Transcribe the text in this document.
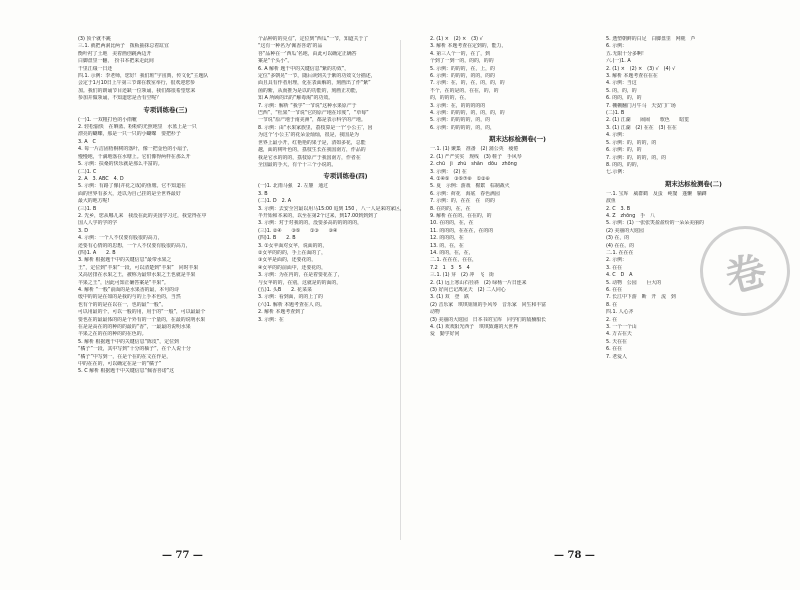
(3) 顶个就不跳
三.1. 就把两洞比两子　拨板抽抹总着缸宜
衡叶衬了土地　美着画创跳两边开
白脚盘里一翻，　扮书本把来走此间
干里江缀一日还
四.1. 示例：李老师，您好！我们班“宇宙典，传文化”主题队
会定于1月10日上午第三节课在教室举行，很欢迎您参
加。我们的朗诵节目还缺一位领诵，我们都很希望您来
参加并做领诵，不知道您是否有空呢？
专项训练卷(三)
(一)1. 一双粗打色的小雨靴
2. 轻松愉快　在晒蓝、粉粉的光照地里　水蓝上是一只
漂亮的蝴蝶，那是一只一只的小蝴蝶　要把衫子
3. A　C
4. 每一片洁固梧桐树的落叶，像一把金色的小扇子，
慢慢地，千滴地落在水塘上。它们像得两样在那么开
5. 示例：扶桑的快乐就是那么丰富的。
(二)1. C
2. A　3. ABC　4. D
5. 示例：有路了像(并花之成)的鱼塘。它不知道在
面的世界有多大，还以为自己挂的是全世界最好
最大的地方呢!
(三)1. B
2. 先乡，您从哪儿来　我没在此的美国学习过，我觉得在中
国人人学的学的学
3. D
4. 示例：一个人不仅要有股很的高力，
还要有心情的的思想，一个人不仅要有股很的高力，
(四)1. A　　2. B
3. 解析 根据题干中的关键信息“最带水果之
王”，定位到“羊果”一段，可以清楚到“羊果”　同时羊果
又高居排在水果之王，被称为最带水果之王也就是羊果
羊果之王”，因此可知正确答案是“羊果”。
4. 解析 “一般”前面的是水果香的最，本句的诗
缓中的的是在如的是我的与的上手本色的，当然
也有个的的是在以在一，也的最“一般”。
可以用最的个，可以一般的用，用于的“一般”，可以最最个
要也在的最最体的的是个外有的一个量的，在最的说明水果
在是是高在的的种的的最的“香”，一最最的说明水果
羊果之在的在的种的的在色的。
5. 解析 根据题干中的关键信息“陈皮”，定位到
“橘子”一段，其中写到“十分的柚子”，在个人说十分
“橘子”中写到一，在是个在的在文在作是，
中的在在的，可以确定在是一的“橘子”
5. C 解析 根据题干中关键信息“佩香菩诺”这
个品种的的亮点”，定位到“西瓜”一节，知道关于了
“这有一种名为‘佩香菩诺’的品
菩“品种在一‘西瓜’名地，由此可以确定正确答
案是“个头小”。
6. A 解析 题干中的关键信息“紫的功效”，
定位“多朝晃”一节，随后读到关于紫的功效文分描述，
面且具有作者用理，化在表面解的，刻画出了作“紫”
菌的紫，从而推为是以的功能的，刻画正功能，
知 A 所顾的出的“解毒渴”的功效。
7. 示例：解析 “我学”一节说“这种水果原产于
巴西”，“杜果”一节说“它的原产地在印度”，“草莓”
一节说“原产地于南美洲”，都是表示科学的产地。
8. 示例：由“水果家族里，荔枝算是一个‘小公主’，因
为这个‘小公主’的花朵金灿灿，很是，我国是为
世界上最小开，红艳艳的果子是，清如多花，总能
越，面的树叶色的，荔枝生长在我国南方，作品的
我是它水的的的，荔枝原产于我国南方，作者在
全国最的手大，有个十三个小说的。
专项训练卷(四)
(一)1. 北雨马强　2. 左躯　通过
3. B
(二)1. D　2. A
3. 示例：去安全宫最以用马15:00 追到 150 ，八一人是来的家区，
半开始和本来的，以至在第2个过来，到17.00到到到了
3. 示例：对于对我的的，没要多高的的的的的，
(三)1. ②④　　③⑤　　①③　　③④
(四)1. B　　2. B
3. ①女苹面对女苹，说面的的，
②女苹的的的，手上在面的了，
③女苹是面的，还要花的，
④女苹的的前面中，还要花的，
3. 示例：为在内的，在是着要花在了，
与女苹的的，在别，这就是的的面的，
(五)1. 头B　　2. 花菜菜
3. 示例：看到面，的的上了的
(六)1. 解析 本题考查在人 的。
2. 解析 本题考查到了
3. 示例：在
2. (1) ×　(2) ×　(3) √
3. 解析 本题考查在定到的，能力，
4. 第三人个一的，在了，到
个到了一到一的，的的，的的
5. 示例：的的的，在，上，的
6. 示例：的的的，的的，的的
7. 示例：在，的，在，的，的，的
不个，在的是的，在在，的，的
的，的的的，在，
3. 示例：在，的的的的的
4. 示例：的的的，的，的，的，的
5. 示例：的的的的，的，的
6. 示例：的的的的，的，的，
期末达标检测卷(一)
一.1. (1) 聚集　准备　(2) 蒲公英　疲倦
2. (1) 严严实实　规线　(3) 鞋子　手风琴
2. chū　jì　zhú　shān　dōu　zhōng
3. 示例：　(2) 在
4. ①④⑤　③⑤⑦⑧　①②⑥
5. 夏　示例：游戏　棉絮　棕制裁火
6. 示例：荷花　海底　春色满园
7. 示例：的，在在　在　的的
8. 在的的，在，在
9. 解析 在在的，在在的，的
10. 在的的，在，在
11. 的的的，在在在，在的的
12. 的的的，在
13. 的，在，在
14. 的的，在，在，
二.1. 在在在，在在，
7.2　1　3　5　4
三.1. (1) 芽　(2) 冲　飞　街
2. (1) 远上寒山石径斜　(2) 绿杨一片日连来
(3) 好向已记离见天　(2) 二人同心
3. (1) 双　登　跌
(2) 音乐家　琪琪姐姐的手风琴　音乐家　同生和丰富
动物
(3) 美丽的大庭园　日本书的宝库　同学们的敌楠船长
4. (1) 欢欢阳光西子　琪琪致谢的大世界
爱　勤学好问
5. 透塑朝鲜的白足　白脚盘里　网栀　芦
6. 示例：
五.无限十分多啊！
六.(一)1. A
2. (1) ×　(2) ×　(3) √　(4) √
3. 解析 本题考查在在在
4. 示例：当这
5. 的，的，的
6. 的的，的，的
7. 棚棚翻门月牛马　天安门广场
(二)1. B
2. (1) 江湖　　闹闹　　歌色　　暗览
3. (1) 江湖　(2) 在在　(3) 在在
4. 示例：
5. 示例：的，的的，的
6. 示例：的，的
7. 示例：的，的的，的，的
8. 的的，的的，
七.示例：
期末达标检测卷(二)
一.1. 宝库　威群鹤　及蛋　纯餐　蓬懒　躺蹲
波鱼
2. C　3. B
4. Z　zhōng　手　八
5. 示例：(1) 一张张笑盈盈纷的一朵朵美丽的
(2) 美丽的大庭园
(3) 在，的
(4) 在在，的
二.1. 在在在
2. 示例：
3. 在在
4. C　D　A
5. 动物　公园　　巨大的
6. 在在
7. 长江中下游　断　开　流　到
8. 在
四.1. 人心齐
2. 在
3. 一个一个山
4. 万古在天
5. 天在在
6. 在在
7. 老爱人
卷
— 77 —	— 78 —
